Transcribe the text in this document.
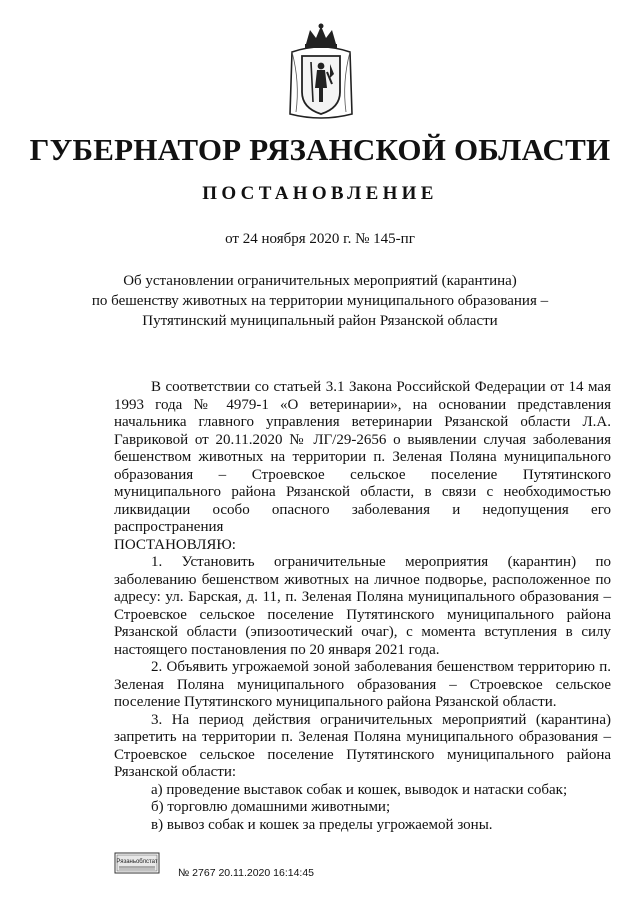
ГУБЕРНАТОР РЯЗАНСКОЙ ОБЛАСТИ
ПОСТАНОВЛЕНИЕ
от 24 ноября 2020 г. № 145-пг
Об установлении ограничительных мероприятий (карантина)
по бешенству животных на территории муниципального образования –
Путятинский муниципальный район Рязанской области

В соответствии со статьей 3.1 Закона Российской Федерации от 14 мая 1993 года № 4979-1 «О ветеринарии», на основании представления начальника главного управления ветеринарии Рязанской области Л.А. Гавриковой от 20.11.2020 № ЛГ/29-2656 о выявлении случая заболевания бешенством животных на территории п. Зеленая Поляна муниципального образования – Строевское сельское поселение Путятинского муниципального района Рязанской области, в связи с необходимостью ликвидации особо опасного заболевания и недопущения его распространения

ПОСТАНОВЛЯЮ:

1. Установить ограничительные мероприятия (карантин) по заболеванию бешенством животных на личное подворье, расположенное по адресу: ул. Барская, д. 11, п. Зеленая Поляна муниципального образования – Строевское сельское поселение Путятинского муниципального района Рязанской области (эпизоотический очаг), с момента вступления в силу настоящего постановления по 20 января 2021 года.

2. Объявить угрожаемой зоной заболевания бешенством территорию п. Зеленая Поляна муниципального образования – Строевское сельское поселение Путятинского муниципального района Рязанской области.

3. На период действия ограничительных мероприятий (карантина) запретить на территории п. Зеленая Поляна муниципального образования – Строевское сельское поселение Путятинского муниципального района Рязанской области:

а) проведение выставок собак и кошек, выводок и натаски собак;

б) торговлю домашними животными;

в) вывоз собак и кошек за пределы угрожаемой зоны.

Рязаньоблстат
№ 2767 20.11.2020 16:14:45
